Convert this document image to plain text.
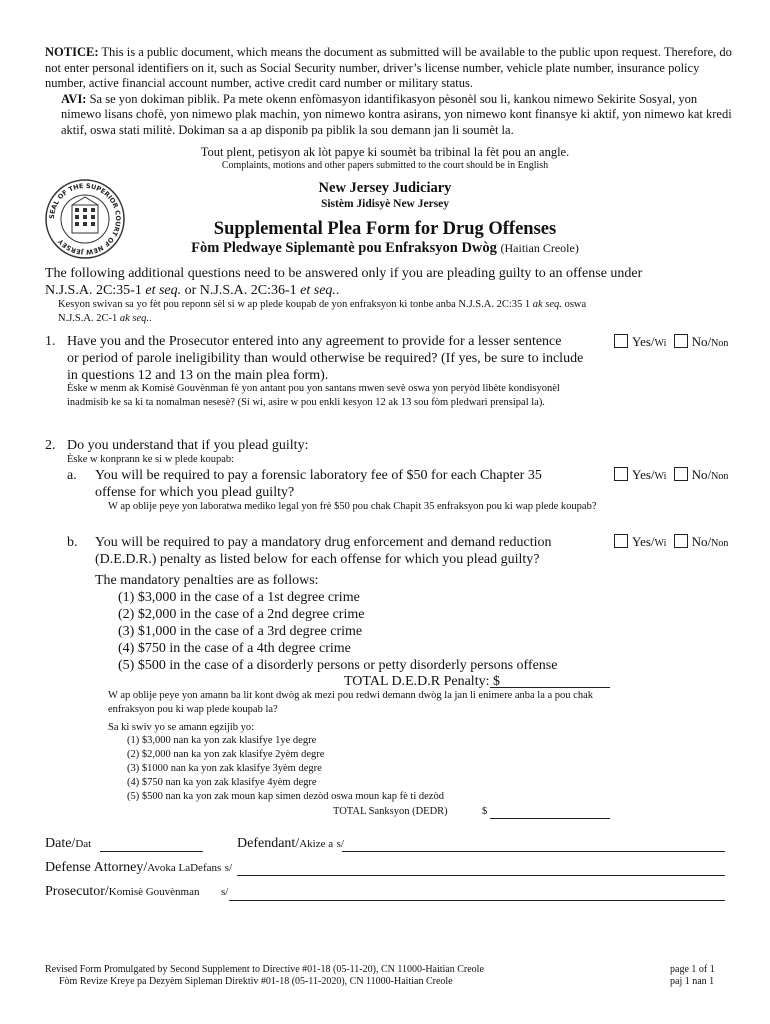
NOTICE: This is a public document, which means the document as submitted will be available to the public upon request. Therefore, do not enter personal identifiers on it, such as Social Security number, driver’s license number, vehicle plate number, insurance policy number, active financial account number, active credit card number or military status.
AVI: Sa se yon dokiman piblik. Pa mete okenn enfòmasyon idantifikasyon pèsonèl sou li, kankou nimewo Sekirite Sosyal, yon nimewo lisans chofè, yon nimewo plak machin, yon nimewo kontra asirans, yon nimewo kont finansye ki aktif, yon nimewo kat kredi aktif, oswa stati militè. Dokiman sa a ap disponib pa piblik la sou demann jan li soumèt la.
Tout plent, petisyon ak lòt papye ki soumèt ba tribinal la fèt pou an angle.
Complaints, motions and other papers submitted to the court should be in English
SEAL OF THE SUPERIOR COURT OF NEW JERSEY
New Jersey Judiciary
Sistèm Jidisyè New Jersey
Supplemental Plea Form for Drug Offenses
Fòm Pledwaye Siplemantè pou Enfraksyon Dwòg (Haitian Creole)
The following additional questions need to be answered only if you are pleading guilty to an offense under
N.J.S.A. 2C:35-1 et seq. or N.J.S.A. 2C:36-1 et seq..
Kesyon swivan sa yo fèt pou reponn sèl si w ap plede koupab de yon enfraksyon ki tonbe anba N.J.S.A. 2C:35 1 ak seq. oswa
N.J.S.A. 2C-1 ak seq..
1. Have you and the Prosecutor entered into any agreement to provide for a lesser sentence
or period of parole ineligibility than would otherwise be required? (If yes, be sure to include
in questions 12 and 13 on the main plea form).
Èske w menm ak Komisè Gouvènman fè yon antant pou yon santans mwen sevè oswa yon peryòd libète kondisyonèl inadmisib ke sa ki ta nomalman nesesè? (Si wi, asire w pou enkli kesyon 12 ak 13 sou fòm pledwari prensipal la).
Yes/Wi No/Non
2. Do you understand that if you plead guilty:
Èske w konprann ke si w plede koupab:
a. You will be required to pay a forensic laboratory fee of $50 for each Chapter 35
offense for which you plead guilty?
W ap oblije peye yon laboratwa mediko legal yon frè $50 pou chak Chapit 35 enfraksyon pou ki wap plede koupab?
Yes/Wi No/Non
b. You will be required to pay a mandatory drug enforcement and demand reduction
(D.E.D.R.) penalty as listed below for each offense for which you plead guilty?
Yes/Wi No/Non
The mandatory penalties are as follows:
(1) $3,000 in the case of a 1st degree crime
(2) $2,000 in the case of a 2nd degree crime
(3) $1,000 in the case of a 3rd degree crime
(4) $750 in the case of a 4th degree crime
(5) $500 in the case of a disorderly persons or petty disorderly persons offense
TOTAL D.E.D.R Penalty: $
W ap oblije peye yon amann ba lit kont dwòg ak mezi pou redwi demann dwòg la jan li enimere anba la a pou chak enfraksyon pou ki wap plede koupab la?
Sa ki swiv yo se amann egzijib yo:
(1) $3,000 nan ka yon zak klasifye 1ye degre
(2) $2,000 nan ka yon zak klasifye 2yèm degre
(3) $1000 nan ka yon zak klasifye 3yèm degre
(4) $750 nan ka yon zak klasifye 4yèm degre
(5) $500 nan ka yon zak moun kap simen dezòd oswa moun kap fè ti dezòd
TOTAL Sanksyon (DEDR)	$
Date/Dat	Defendant/Akize a s/
Defense Attorney/Avoka LaDefans s/
Prosecutor/Komisè Gouvènman s/
Revised Form Promulgated by Second Supplement to Directive #01-18 (05-11-20), CN 11000-Haitian Creole
Fòm Revize Kreye pa Dezyèm Sipleman Direktiv #01-18 (05-11-2020), CN 11000-Haitian Creole
page 1 of 1
paj 1 nan 1
